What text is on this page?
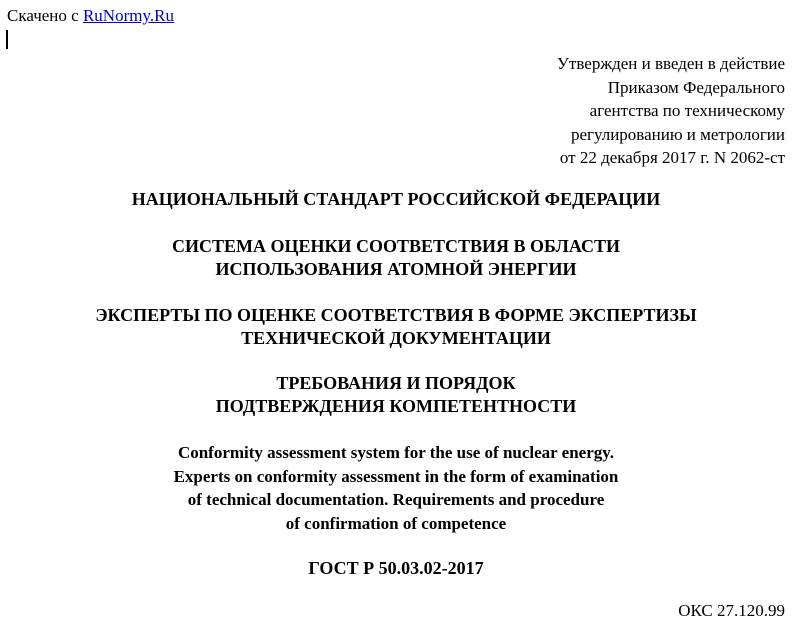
Скачено с RuNormy.Ru
Утвержден и введен в действие
Приказом Федерального
агентства по техническому
регулированию и метрологии
от 22 декабря 2017 г. N 2062-ст
НАЦИОНАЛЬНЫЙ СТАНДАРТ РОССИЙСКОЙ ФЕДЕРАЦИИ
СИСТЕМА ОЦЕНКИ СООТВЕТСТВИЯ В ОБЛАСТИ
ИСПОЛЬЗОВАНИЯ АТОМНОЙ ЭНЕРГИИ
ЭКСПЕРТЫ ПО ОЦЕНКЕ СООТВЕТСТВИЯ В ФОРМЕ ЭКСПЕРТИЗЫ
ТЕХНИЧЕСКОЙ ДОКУМЕНТАЦИИ
ТРЕБОВАНИЯ И ПОРЯДОК
ПОДТВЕРЖДЕНИЯ КОМПЕТЕНТНОСТИ
Conformity assessment system for the use of nuclear energy.
Experts on conformity assessment in the form of examination
of technical documentation. Requirements and procedure
of confirmation of competence
ГОСТ Р 50.03.02-2017
ОКС 27.120.99
